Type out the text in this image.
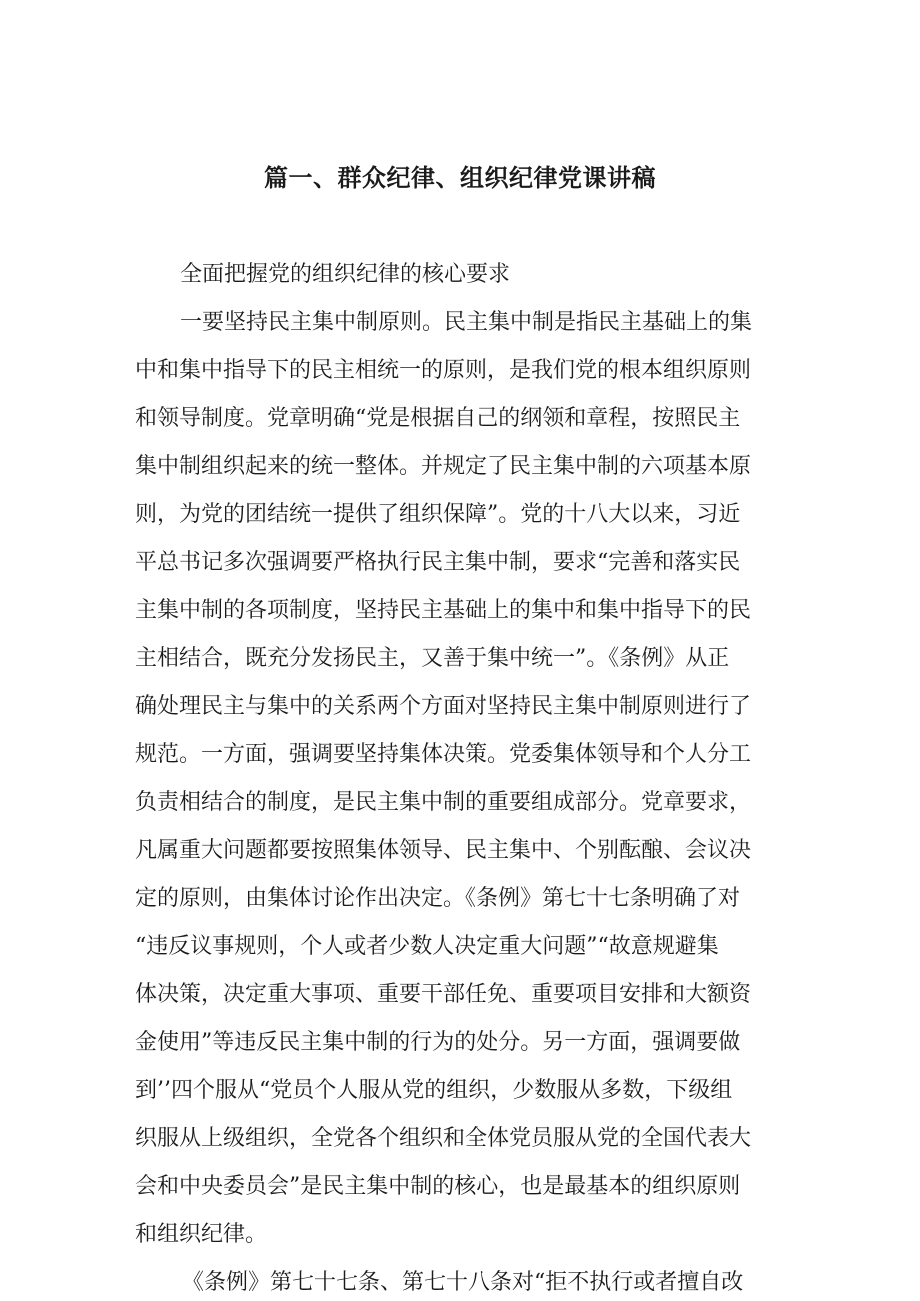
篇一、群众纪律、组织纪律党课讲稿

全面把握党的组织纪律的核心要求

一要坚持民主集中制原则。民主集中制是指民主基础上的集

中和集中指导下的民主相统一的原则，是我们党的根本组织原则

和领导制度。党章明确“党是根据自己的纲领和章程，按照民主

集中制组织起来的统一整体。并规定了民主集中制的六项基本原

则，为党的团结统一提供了组织保障”。党的十八大以来，习近

平总书记多次强调要严格执行民主集中制，要求“完善和落实民

主集中制的各项制度，坚持民主基础上的集中和集中指导下的民

主相结合，既充分发扬民主，又善于集中统一”。《条例》从正

确处理民主与集中的关系两个方面对坚持民主集中制原则进行了

规范。一方面，强调要坚持集体决策。党委集体领导和个人分工

负责相结合的制度，是民主集中制的重要组成部分。党章要求，

凡属重大问题都要按照集体领导、民主集中、个别酝酿、会议决

定的原则，由集体讨论作出决定。《条例》第七十七条明确了对

“违反议事规则，个人或者少数人决定重大问题”“故意规避集

体决策，决定重大事项、重要干部任免、重要项目安排和大额资

金使用”等违反民主集中制的行为的处分。另一方面，强调要做

到’’四个服从“党员个人服从党的组织，少数服从多数，下级组

织服从上级组织，全党各个组织和全体党员服从党的全国代表大

会和中央委员会”是民主集中制的核心，也是最基本的组织原则

和组织纪律。

《条例》第七十七条、第七十八条对“拒不执行或者擅自改
